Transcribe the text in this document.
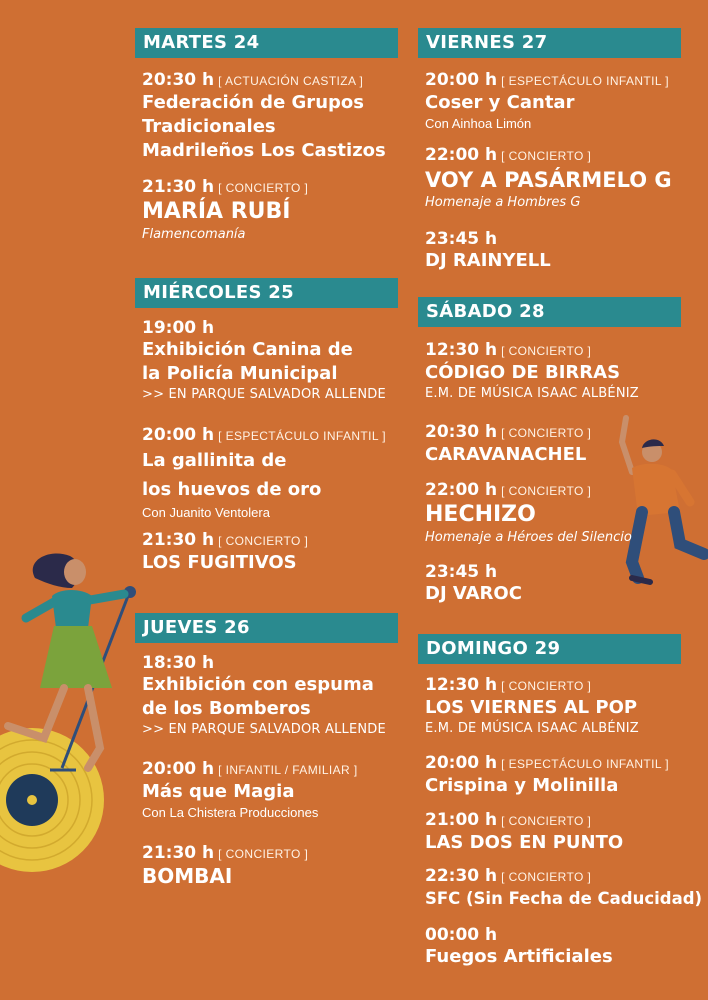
MARTES 24
20:30 h [ ACTUACIÓN CASTIZA ]
Federación de Grupos
Tradicionales
Madrileños Los Castizos
21:30 h [ CONCIERTO ]
MARÍA RUBÍ
Flamencomanía
MIÉRCOLES 25
19:00 h
Exhibición Canina de
la Policía Municipal
>> EN PARQUE SALVADOR ALLENDE
20:00 h [ ESPECTÁCULO INFANTIL ]
La gallinita de
los huevos de oro
Con Juanito Ventolera
21:30 h [ CONCIERTO ]
LOS FUGITIVOS
JUEVES 26
18:30 h
Exhibición con espuma
de los Bomberos
>> EN PARQUE SALVADOR ALLENDE
20:00 h [ INFANTIL / FAMILIAR ]
Más que Magia
Con La Chistera Producciones
21:30 h [ CONCIERTO ]
BOMBAI
VIERNES 27
20:00 h [ ESPECTÁCULO INFANTIL ]
Coser y Cantar
Con Ainhoa Limón
22:00 h [ CONCIERTO ]
VOY A PASÁRMELO G
Homenaje a Hombres G
23:45 h
DJ RAINYELL
SÁBADO 28
12:30 h [ CONCIERTO ]
CÓDIGO DE BIRRAS
E.M. DE MÚSICA ISAAC ALBÉNIZ
20:30 h [ CONCIERTO ]
CARAVANACHEL
22:00 h [ CONCIERTO ]
HECHIZO
Homenaje a Héroes del Silencio
23:45 h
DJ VAROC
DOMINGO 29
12:30 h [ CONCIERTO ]
LOS VIERNES AL POP
E.M. DE MÚSICA ISAAC ALBÉNIZ
20:00 h [ ESPECTÁCULO INFANTIL ]
Crispina y Molinilla
21:00 h [ CONCIERTO ]
LAS DOS EN PUNTO
22:30 h [ CONCIERTO ]
SFC (Sin Fecha de Caducidad)
00:00 h
Fuegos Artificiales
